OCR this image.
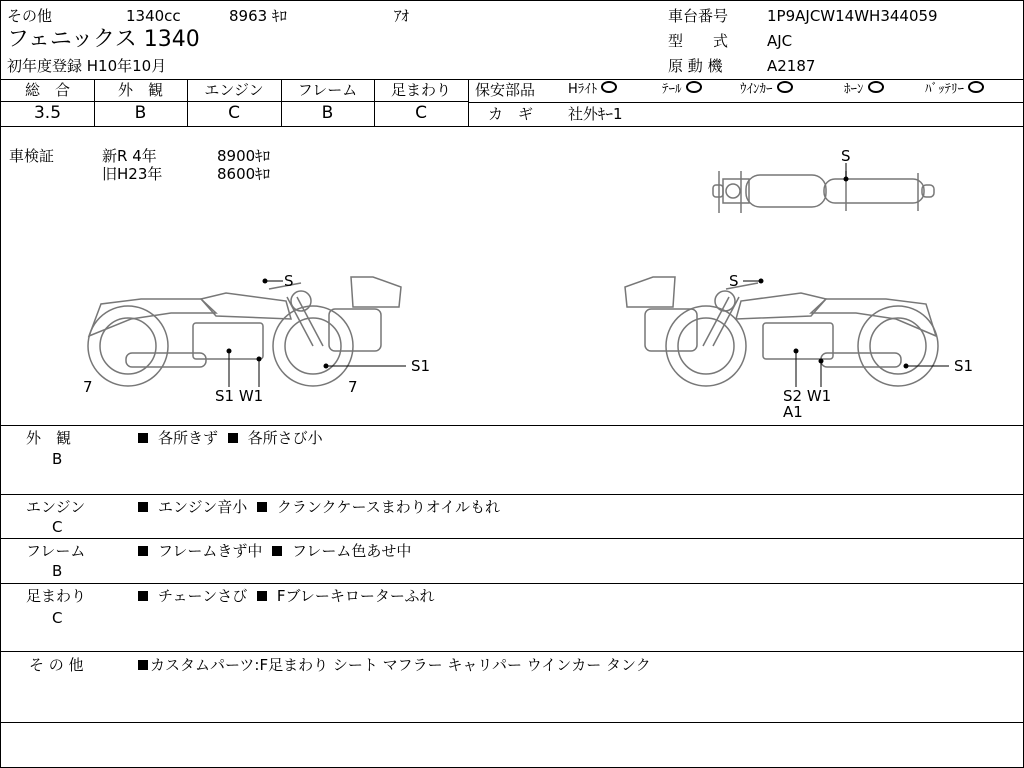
その他	1340cc	8963 ｷﾛ	ｱｵ
フェニックス 1340
初年度登録 H10年10月
車台番号	1P9AJCW14WH344059
型　　式	AJC
原 動 機	A2187
総　合	外　観	エンジン	フレーム	足まわり
3.5	B	C	B	C
保安部品	Hﾗｲﾄ	ﾃｰﾙ	ｳｲﾝｶｰ	ﾎｰﾝ	ﾊﾞｯﾃﾘｰ
カ　ギ 社外ｷｰ1
車検証	新R 4年	8900ｷﾛ
旧H23年	8600ｷﾛ
S
S
S1
S1 W1
7	7
S
S1
S2 W1
A1
外　観
B
各所きず 各所さび小
エンジン
C
エンジン音小 クランクケースまわりオイルもれ
フレーム
B
フレームきず中 フレーム色あせ中
足まわり
C
チェーンさび Fブレーキローターふれ
そ の 他	カスタムパーツ:F足まわり シート マフラー キャリパー ウインカー タンク
